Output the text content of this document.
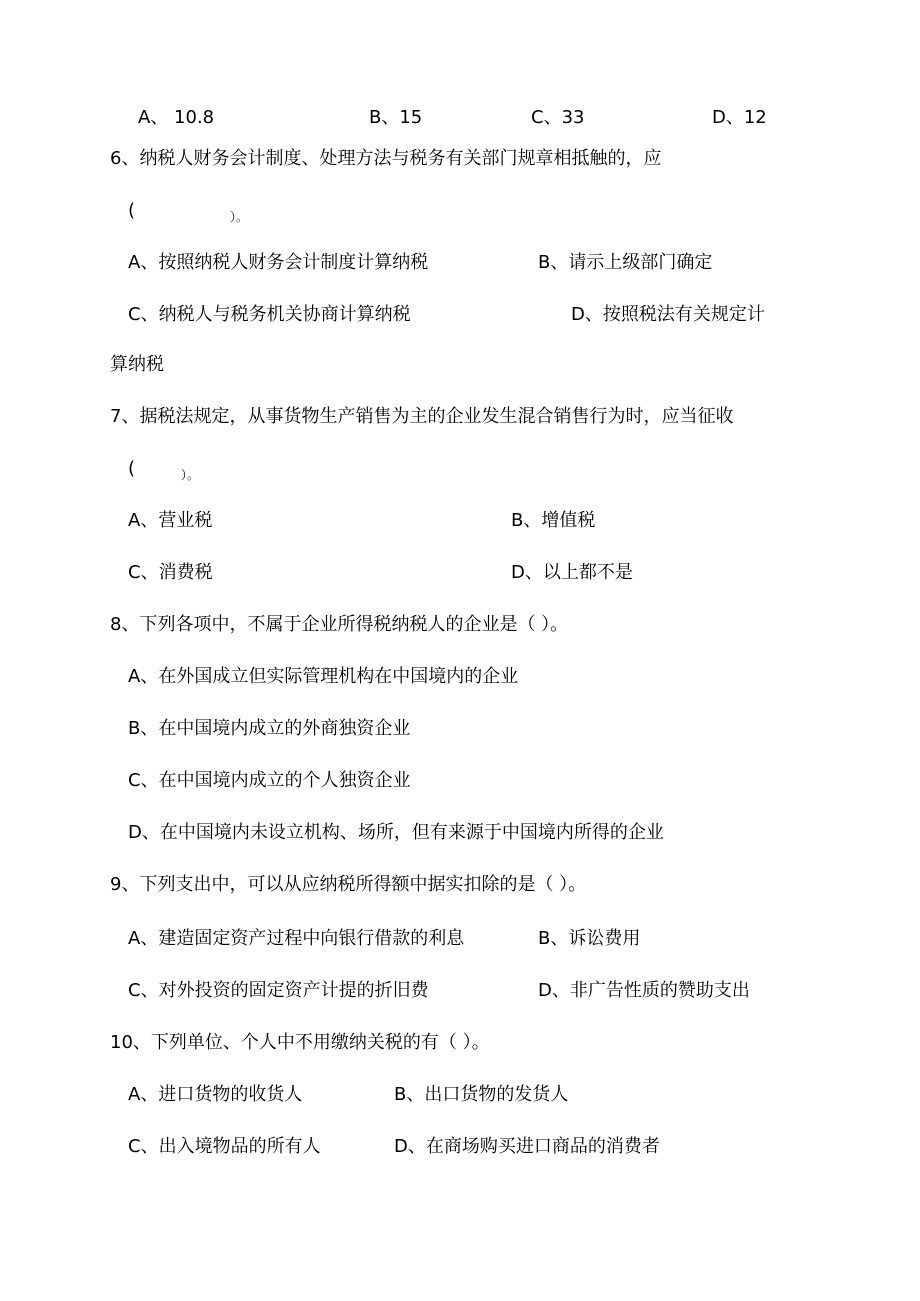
A、 10.8	B、15	C、33	D、12
6、纳税人财务会计制度、处理方法与税务有关部门规章相抵触的，应
(	）。
A、按照纳税人财务会计制度计算纳税	B、请示上级部门确定
C、纳税人与税务机关协商计算纳税	D、按照税法有关规定计
算纳税
7、据税法规定，从事货物生产销售为主的企业发生混合销售行为时，应当征收
(	）。
A、营业税	B、增值税
C、消费税	D、以上都不是
8、下列各项中，不属于企业所得税纳税人的企业是（ ）。
A、在外国成立但实际管理机构在中国境内的企业
B、在中国境内成立的外商独资企业
C、在中国境内成立的个人独资企业
D、在中国境内未设立机构、场所，但有来源于中国境内所得的企业
9、下列支出中，可以从应纳税所得额中据实扣除的是（ ）。
A、建造固定资产过程中向银行借款的利息	B、诉讼费用
C、对外投资的固定资产计提的折旧费	D、非广告性质的赞助支出
10、下列单位、个人中不用缴纳关税的有（ ）。
A、进口货物的收货人	B、出口货物的发货人
C、出入境物品的所有人	D、在商场购买进口商品的消费者
